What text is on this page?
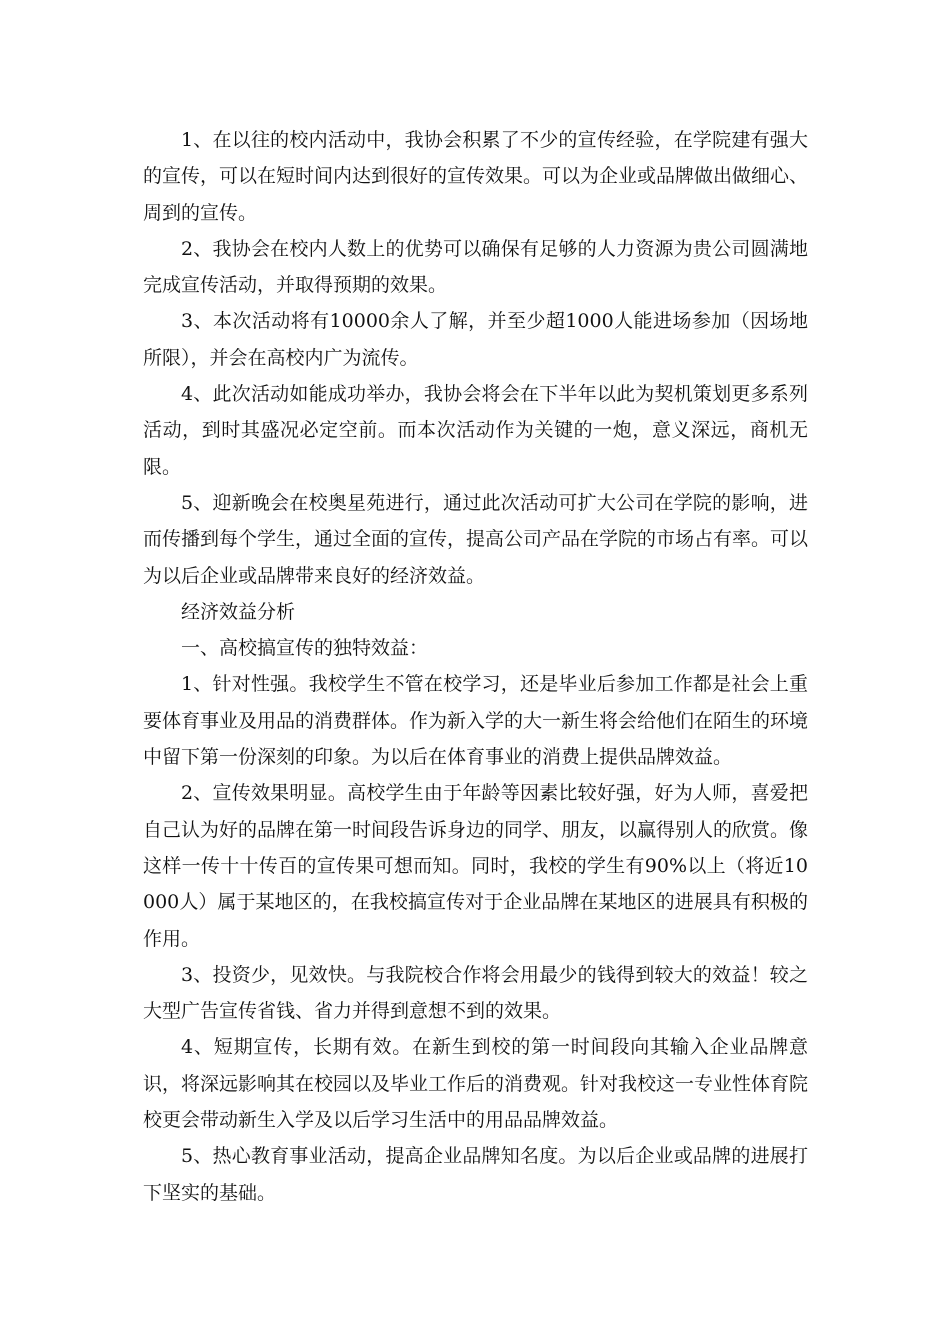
1、在以往的校内活动中，我协会积累了不少的宣传经验，在学院建有强大的宣传，可以在短时间内达到很好的宣传效果。可以为企业或品牌做出做细心、周到的宣传。

2、我协会在校内人数上的优势可以确保有足够的人力资源为贵公司圆满地完成宣传活动，并取得预期的效果。

3、本次活动将有10000余人了解，并至少超1000人能进场参加（因场地所限），并会在高校内广为流传。

4、此次活动如能成功举办，我协会将会在下半年以此为契机策划更多系列活动，到时其盛况必定空前。而本次活动作为关键的一炮，意义深远，商机无限。

5、迎新晚会在校奥星苑进行，通过此次活动可扩大公司在学院的影响，进而传播到每个学生，通过全面的宣传，提高公司产品在学院的市场占有率。可以为以后企业或品牌带来良好的经济效益。

经济效益分析

一、高校搞宣传的独特效益：

1、针对性强。我校学生不管在校学习，还是毕业后参加工作都是社会上重要体育事业及用品的消费群体。作为新入学的大一新生将会给他们在陌生的环境中留下第一份深刻的印象。为以后在体育事业的消费上提供品牌效益。

2、宣传效果明显。高校学生由于年龄等因素比较好强，好为人师，喜爱把自己认为好的品牌在第一时间段告诉身边的同学、朋友，以赢得别人的欣赏。像这样一传十十传百的宣传果可想而知。同时，我校的学生有90%以上（将近10000人）属于某地区的，在我校搞宣传对于企业品牌在某地区的进展具有积极的作用。

3、投资少，见效快。与我院校合作将会用最少的钱得到较大的效益！较之大型广告宣传省钱、省力并得到意想不到的效果。

4、短期宣传，长期有效。在新生到校的第一时间段向其输入企业品牌意识，将深远影响其在校园以及毕业工作后的消费观。针对我校这一专业性体育院校更会带动新生入学及以后学习生活中的用品品牌效益。

5、热心教育事业活动，提高企业品牌知名度。为以后企业或品牌的进展打下坚实的基础。
